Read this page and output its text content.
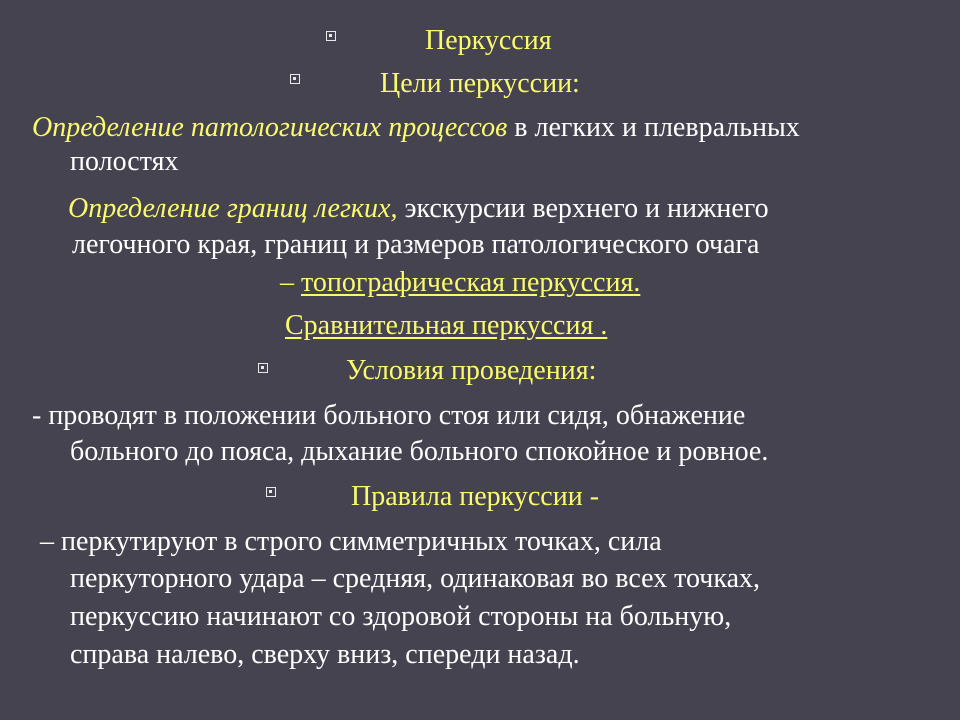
Перкуссия
Цели перкуссии:
Определение патологических процессов в легких и плевральных
полостях
Определение границ легких, экскурсии верхнего и нижнего
легочного края, границ и размеров патологического очага
– топографическая перкуссия.
Сравнительная перкуссия .
Условия проведения:
- проводят в положении больного стоя или сидя, обнажение
больного до пояса, дыхание больного спокойное и ровное.
Правила перкуссии -
– перкутируют в строго симметричных точках, сила
перкуторного удара – средняя, одинаковая во всех точках,
перкуссию начинают со здоровой стороны на больную,
справа налево, сверху вниз, спереди назад.
